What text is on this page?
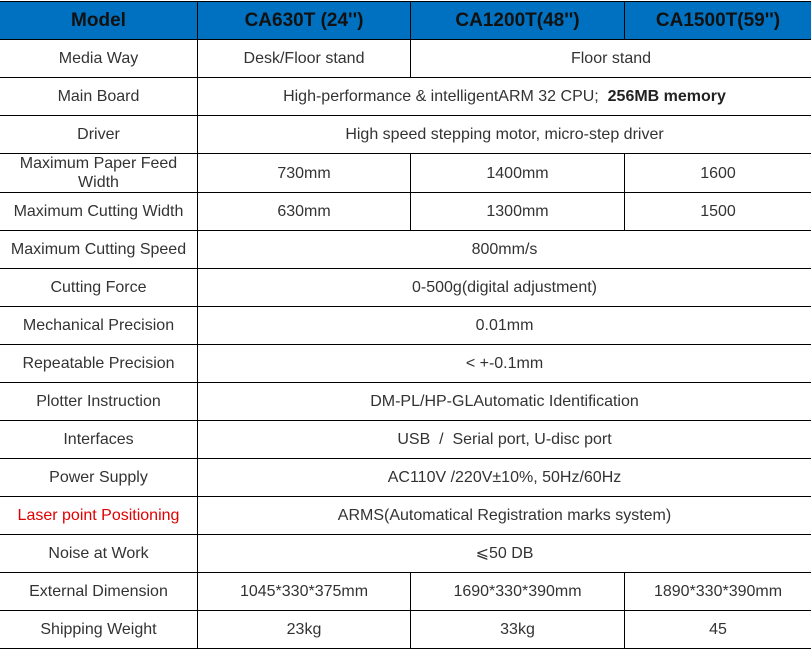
Model	CA630T (24'')	CA1200T(48'')	CA1500T(59'')
Media Way	Desk/Floor stand	Floor stand	
Main Board	High-performance & intelligentARM 32 CPU; 256MB memory		
Driver	High speed stepping motor, micro-step driver		
Maximum Paper Feed Width	730mm	1400mm	1600
Maximum Cutting Width	630mm	1300mm	1500
Maximum Cutting Speed	800mm/s		
Cutting Force	0-500g(digital adjustment)		
Mechanical Precision	0.01mm		
Repeatable Precision	< +-0.1mm		
Plotter Instruction	DM-PL/HP-GLAutomatic Identification		
Interfaces	USB  /  Serial port, U-disc port		
Power Supply	AC110V /220V±10%, 50Hz/60Hz		
Laser point Positioning	ARMS(Automatical Registration marks system)		
Noise at Work	⩽50 DB		
External Dimension	1045*330*375mm	1690*330*390mm	1890*330*390mm
Shipping Weight	23kg	33kg	45
